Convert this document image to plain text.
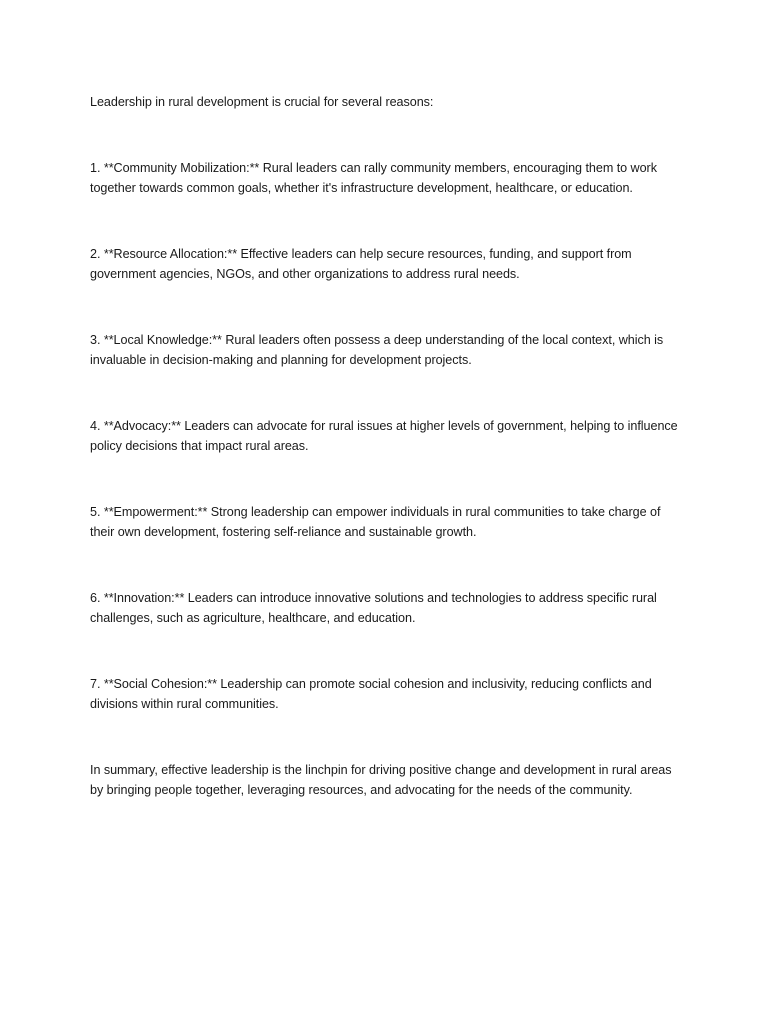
Leadership in rural development is crucial for several reasons:

1. **Community Mobilization:** Rural leaders can rally community members, encouraging them to work together towards common goals, whether it's infrastructure development, healthcare, or education.

2. **Resource Allocation:** Effective leaders can help secure resources, funding, and support from government agencies, NGOs, and other organizations to address rural needs.

3. **Local Knowledge:** Rural leaders often possess a deep understanding of the local context, which is invaluable in decision-making and planning for development projects.

4. **Advocacy:** Leaders can advocate for rural issues at higher levels of government, helping to influence policy decisions that impact rural areas.

5. **Empowerment:** Strong leadership can empower individuals in rural communities to take charge of their own development, fostering self-reliance and sustainable growth.

6. **Innovation:** Leaders can introduce innovative solutions and technologies to address specific rural challenges, such as agriculture, healthcare, and education.

7. **Social Cohesion:** Leadership can promote social cohesion and inclusivity, reducing conflicts and divisions within rural communities.

In summary, effective leadership is the linchpin for driving positive change and development in rural areas by bringing people together, leveraging resources, and advocating for the needs of the community.
